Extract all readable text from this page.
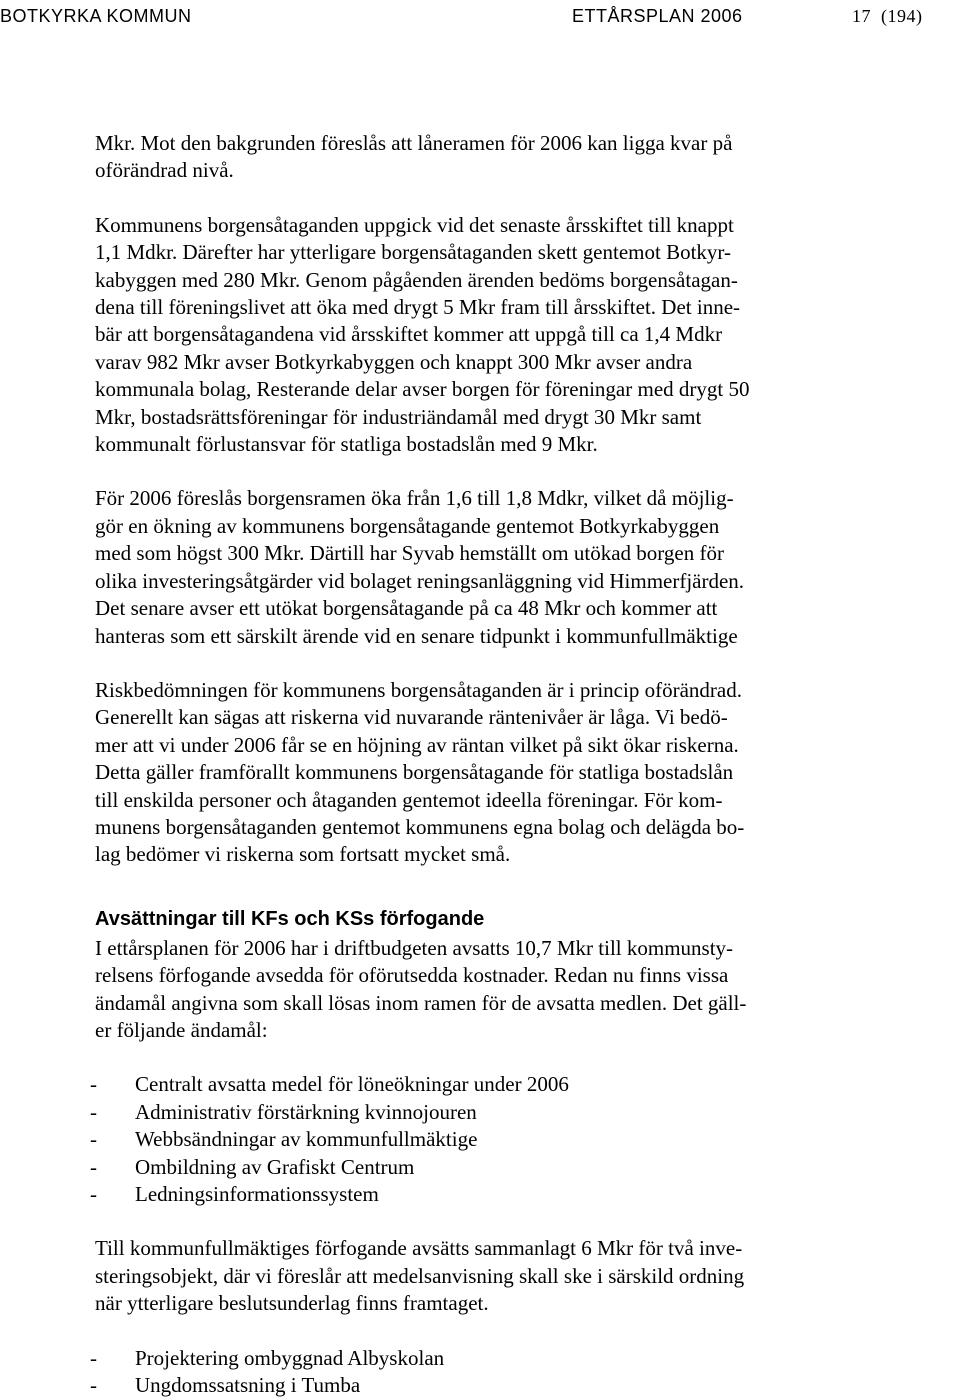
BOTKYRKA KOMMUN	ETTÅRSPLAN 2006	17 (194)

Mkr. Mot den bakgrunden föreslås att låneramen för 2006 kan ligga kvar på
oförändrad nivå.

Kommunens borgensåtaganden uppgick vid det senaste årsskiftet till knappt
1,1 Mdkr. Därefter har ytterligare borgensåtaganden skett gentemot Botkyr-
kabyggen med 280 Mkr. Genom pågåenden ärenden bedöms borgensåtagan-
dena till föreningslivet att öka med drygt 5 Mkr fram till årsskiftet. Det inne-
bär att borgensåtagandena vid årsskiftet kommer att uppgå till ca 1,4 Mdkr
varav 982 Mkr avser Botkyrkabyggen och knappt 300 Mkr avser andra
kommunala bolag, Resterande delar avser borgen för föreningar med drygt 50
Mkr, bostadsrättsföreningar för industriändamål med drygt 30 Mkr samt
kommunalt förlustansvar för statliga bostadslån med 9 Mkr.

För 2006 föreslås borgensramen öka från 1,6 till 1,8 Mdkr, vilket då möjlig-
gör en ökning av kommunens borgensåtagande gentemot Botkyrkabyggen
med som högst 300 Mkr. Därtill har Syvab hemställt om utökad borgen för
olika investeringsåtgärder vid bolaget reningsanläggning vid Himmerfjärden.
Det senare avser ett utökat borgensåtagande på ca 48 Mkr och kommer att
hanteras som ett särskilt ärende vid en senare tidpunkt i kommunfullmäktige

Riskbedömningen för kommunens borgensåtaganden är i princip oförändrad.
Generellt kan sägas att riskerna vid nuvarande räntenivåer är låga. Vi bedö-
mer att vi under 2006 får se en höjning av räntan vilket på sikt ökar riskerna.
Detta gäller framförallt kommunens borgensåtagande för statliga bostadslån
till enskilda personer och åtaganden gentemot ideella föreningar. För kom-
munens borgensåtaganden gentemot kommunens egna bolag och delägda bo-
lag bedömer vi riskerna som fortsatt mycket små.

Avsättningar till KFs och KSs förfogande

I ettårsplanen för 2006 har i driftbudgeten avsatts 10,7 Mkr till kommunsty-
relsens förfogande avsedda för oförutsedda kostnader. Redan nu finns vissa
ändamål angivna som skall lösas inom ramen för de avsatta medlen. Det gäll-
er följande ändamål:

- Centralt avsatta medel för löneökningar under 2006
- Administrativ förstärkning kvinnojouren
- Webbsändningar av kommunfullmäktige
- Ombildning av Grafiskt Centrum
- Ledningsinformationssystem

Till kommunfullmäktiges förfogande avsätts sammanlagt 6 Mkr för två inve-
steringsobjekt, där vi föreslår att medelsanvisning skall ske i särskild ordning
när ytterligare beslutsunderlag finns framtaget.

- Projektering ombyggnad Albyskolan
- Ungdomssatsning i Tumba
